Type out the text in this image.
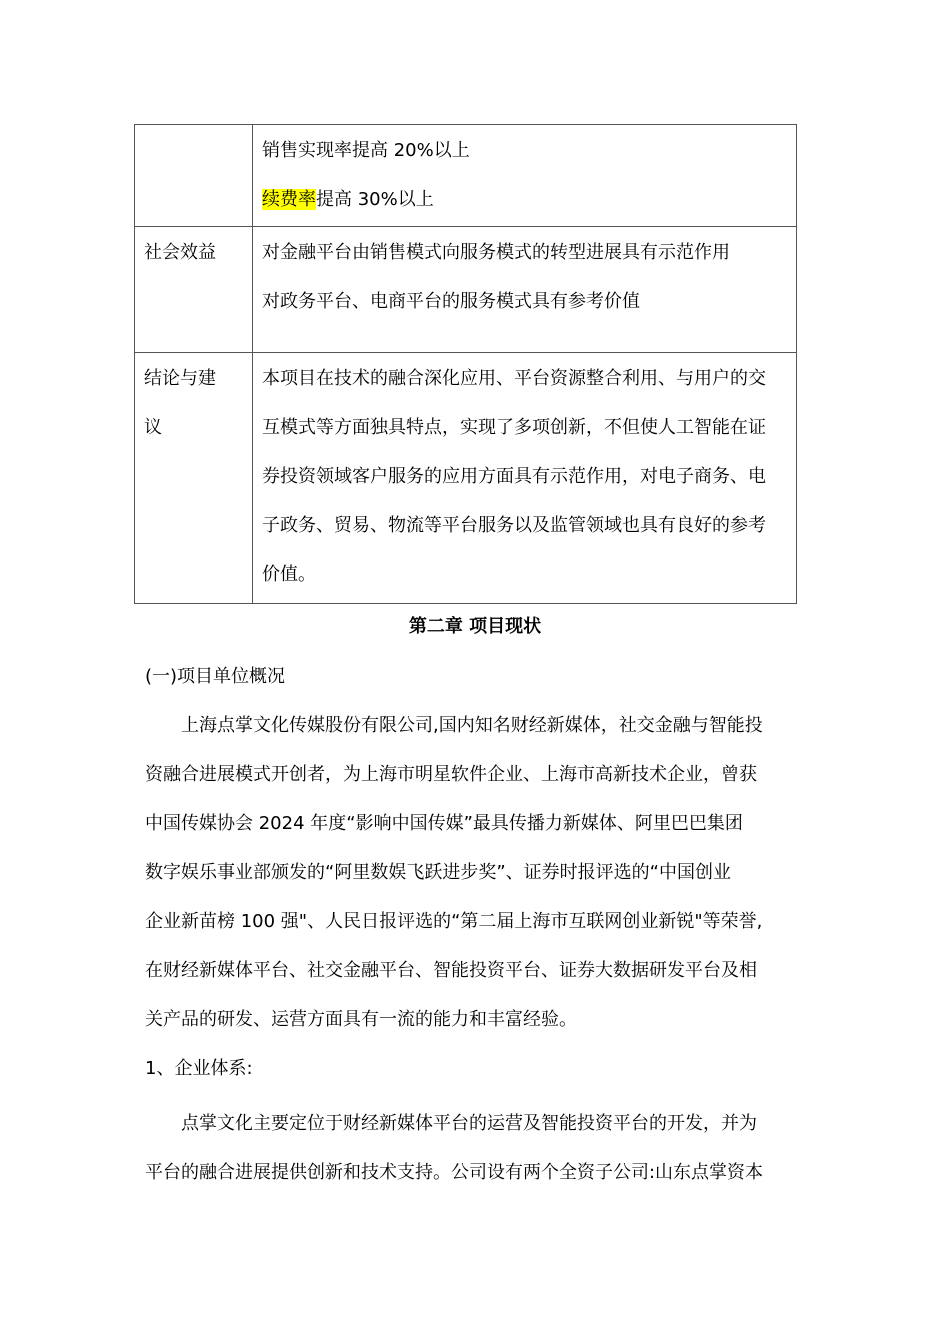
	销售实现率提高 20%以上
续费率提高 30%以上

社会效益	对金融平台由销售模式向服务模式的转型进展具有示范作用
对政务平台、电商平台的服务模式具有参考价值

结论与建
议	本项目在技术的融合深化应用、平台资源整合利用、与用户的交
互模式等方面独具特点，实现了多项创新，不但使人工智能在证
券投资领域客户服务的应用方面具有示范作用，对电子商务、电
子政务、贸易、物流等平台服务以及监管领域也具有良好的参考
价值。
第二章 项目现状
(一)项目单位概况
上海点掌文化传媒股份有限公司,国内知名财经新媒体，社交金融与智能投
资融合进展模式开创者，为上海市明星软件企业、上海市高新技术企业，曾获
中国传媒协会 2024 年度“影响中国传媒”最具传播力新媒体、阿里巴巴集团
数字娱乐事业部颁发的“阿里数娱飞跃进步奖”、证券时报评选的“中国创业
企业新苗榜 100 强"、人民日报评选的“第二届上海市互联网创业新锐"等荣誉,
在财经新媒体平台、社交金融平台、智能投资平台、证券大数据研发平台及相
关产品的研发、运营方面具有一流的能力和丰富经验。
1、企业体系:
点掌文化主要定位于财经新媒体平台的运营及智能投资平台的开发，并为
平台的融合进展提供创新和技术支持。公司设有两个全资子公司:山东点掌资本
